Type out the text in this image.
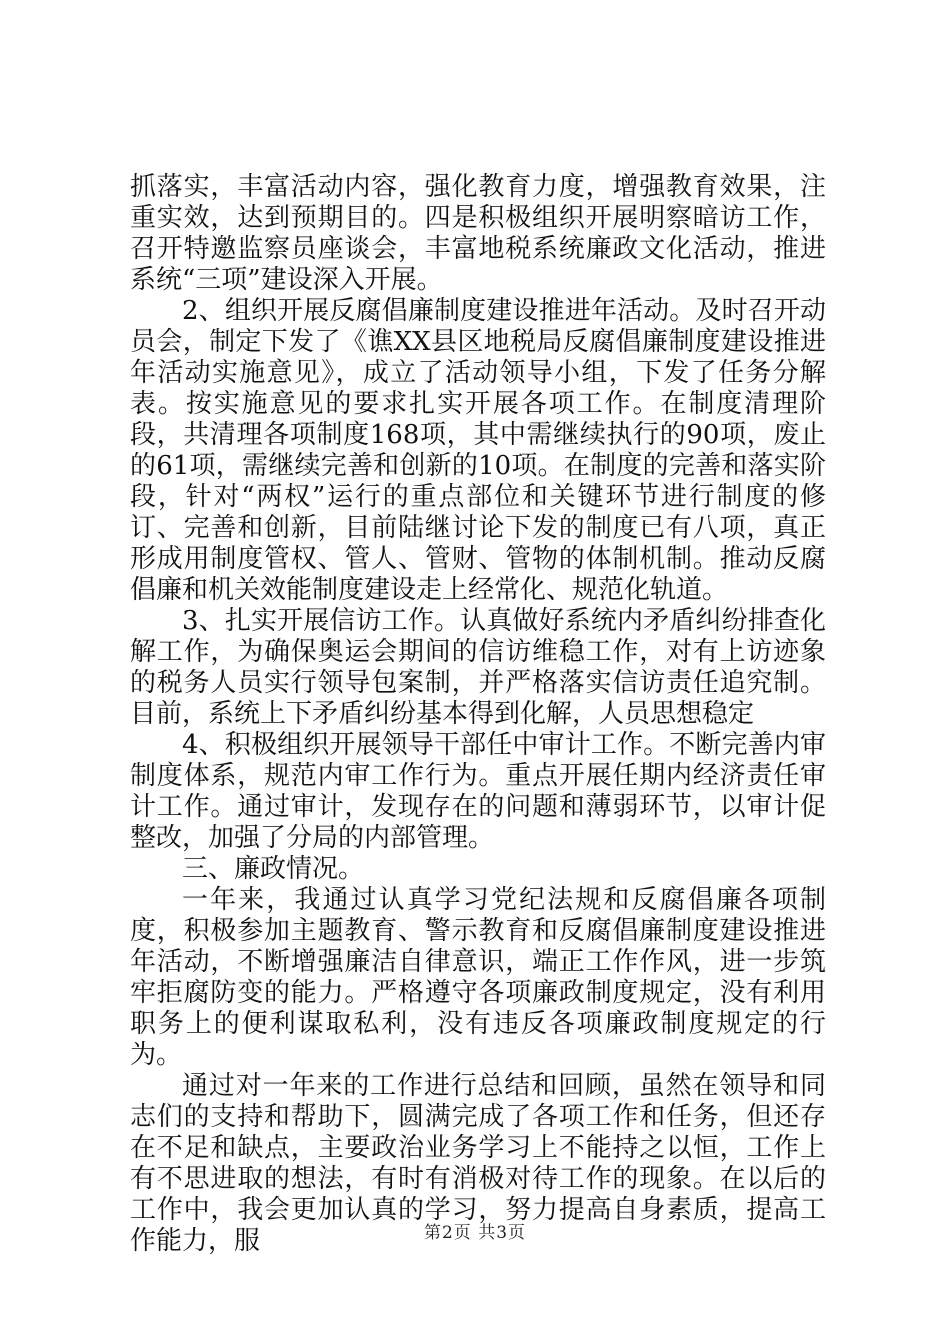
抓落实，丰富活动内容，强化教育力度，增强教育效果，注重实效，达到预期目的。四是积极组织开展明察暗访工作，召开特邀监察员座谈会，丰富地税系统廉政文化活动，推进系统“三项”建设深入开展。

2、组织开展反腐倡廉制度建设推进年活动。及时召开动员会，制定下发了《谯XX县区地税局反腐倡廉制度建设推进年活动实施意见》，成立了活动领导小组，下发了任务分解表。按实施意见的要求扎实开展各项工作。在制度清理阶段，共清理各项制度168项，其中需继续执行的90项，废止的61项，需继续完善和创新的10项。在制度的完善和落实阶段，针对“两权”运行的重点部位和关键环节进行制度的修订、完善和创新，目前陆继讨论下发的制度已有八项，真正形成用制度管权、管人、管财、管物的体制机制。推动反腐倡廉和机关效能制度建设走上经常化、规范化轨道。

3、扎实开展信访工作。认真做好系统内矛盾纠纷排查化解工作，为确保奥运会期间的信访维稳工作，对有上访迹象的税务人员实行领导包案制，并严格落实信访责任追究制。目前，系统上下矛盾纠纷基本得到化解，人员思想稳定

4、积极组织开展领导干部任中审计工作。不断完善内审制度体系，规范内审工作行为。重点开展任期内经济责任审计工作。通过审计，发现存在的问题和薄弱环节，以审计促整改，加强了分局的内部管理。

三、廉政情况。

一年来，我通过认真学习党纪法规和反腐倡廉各项制度，积极参加主题教育、警示教育和反腐倡廉制度建设推进年活动，不断增强廉洁自律意识，端正工作作风，进一步筑牢拒腐防变的能力。严格遵守各项廉政制度规定，没有利用职务上的便利谋取私利，没有违反各项廉政制度规定的行为。

通过对一年来的工作进行总结和回顾，虽然在领导和同志们的支持和帮助下，圆满完成了各项工作和任务，但还存在不足和缺点，主要政治业务学习上不能持之以恒，工作上有不思进取的想法，有时有消极对待工作的现象。在以后的工作中，我会更加认真的学习，努力提高自身素质，提高工作能力，服	第2页 共3页
